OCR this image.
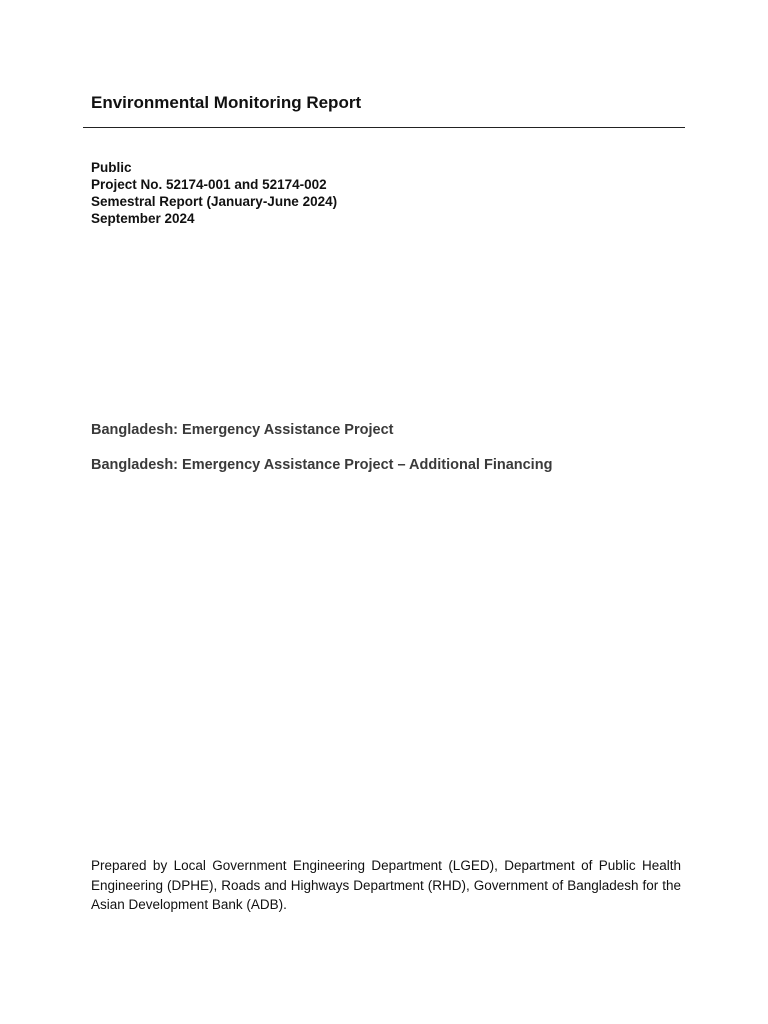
Environmental Monitoring Report
Public
Project No. 52174-001 and 52174-002
Semestral Report (January-June 2024)
September 2024
Bangladesh: Emergency Assistance Project
Bangladesh: Emergency Assistance Project – Additional Financing

Prepared by Local Government Engineering Department (LGED), Department of Public Health Engineering (DPHE), Roads and Highways Department (RHD), Government of Bangladesh for the Asian Development Bank (ADB).
